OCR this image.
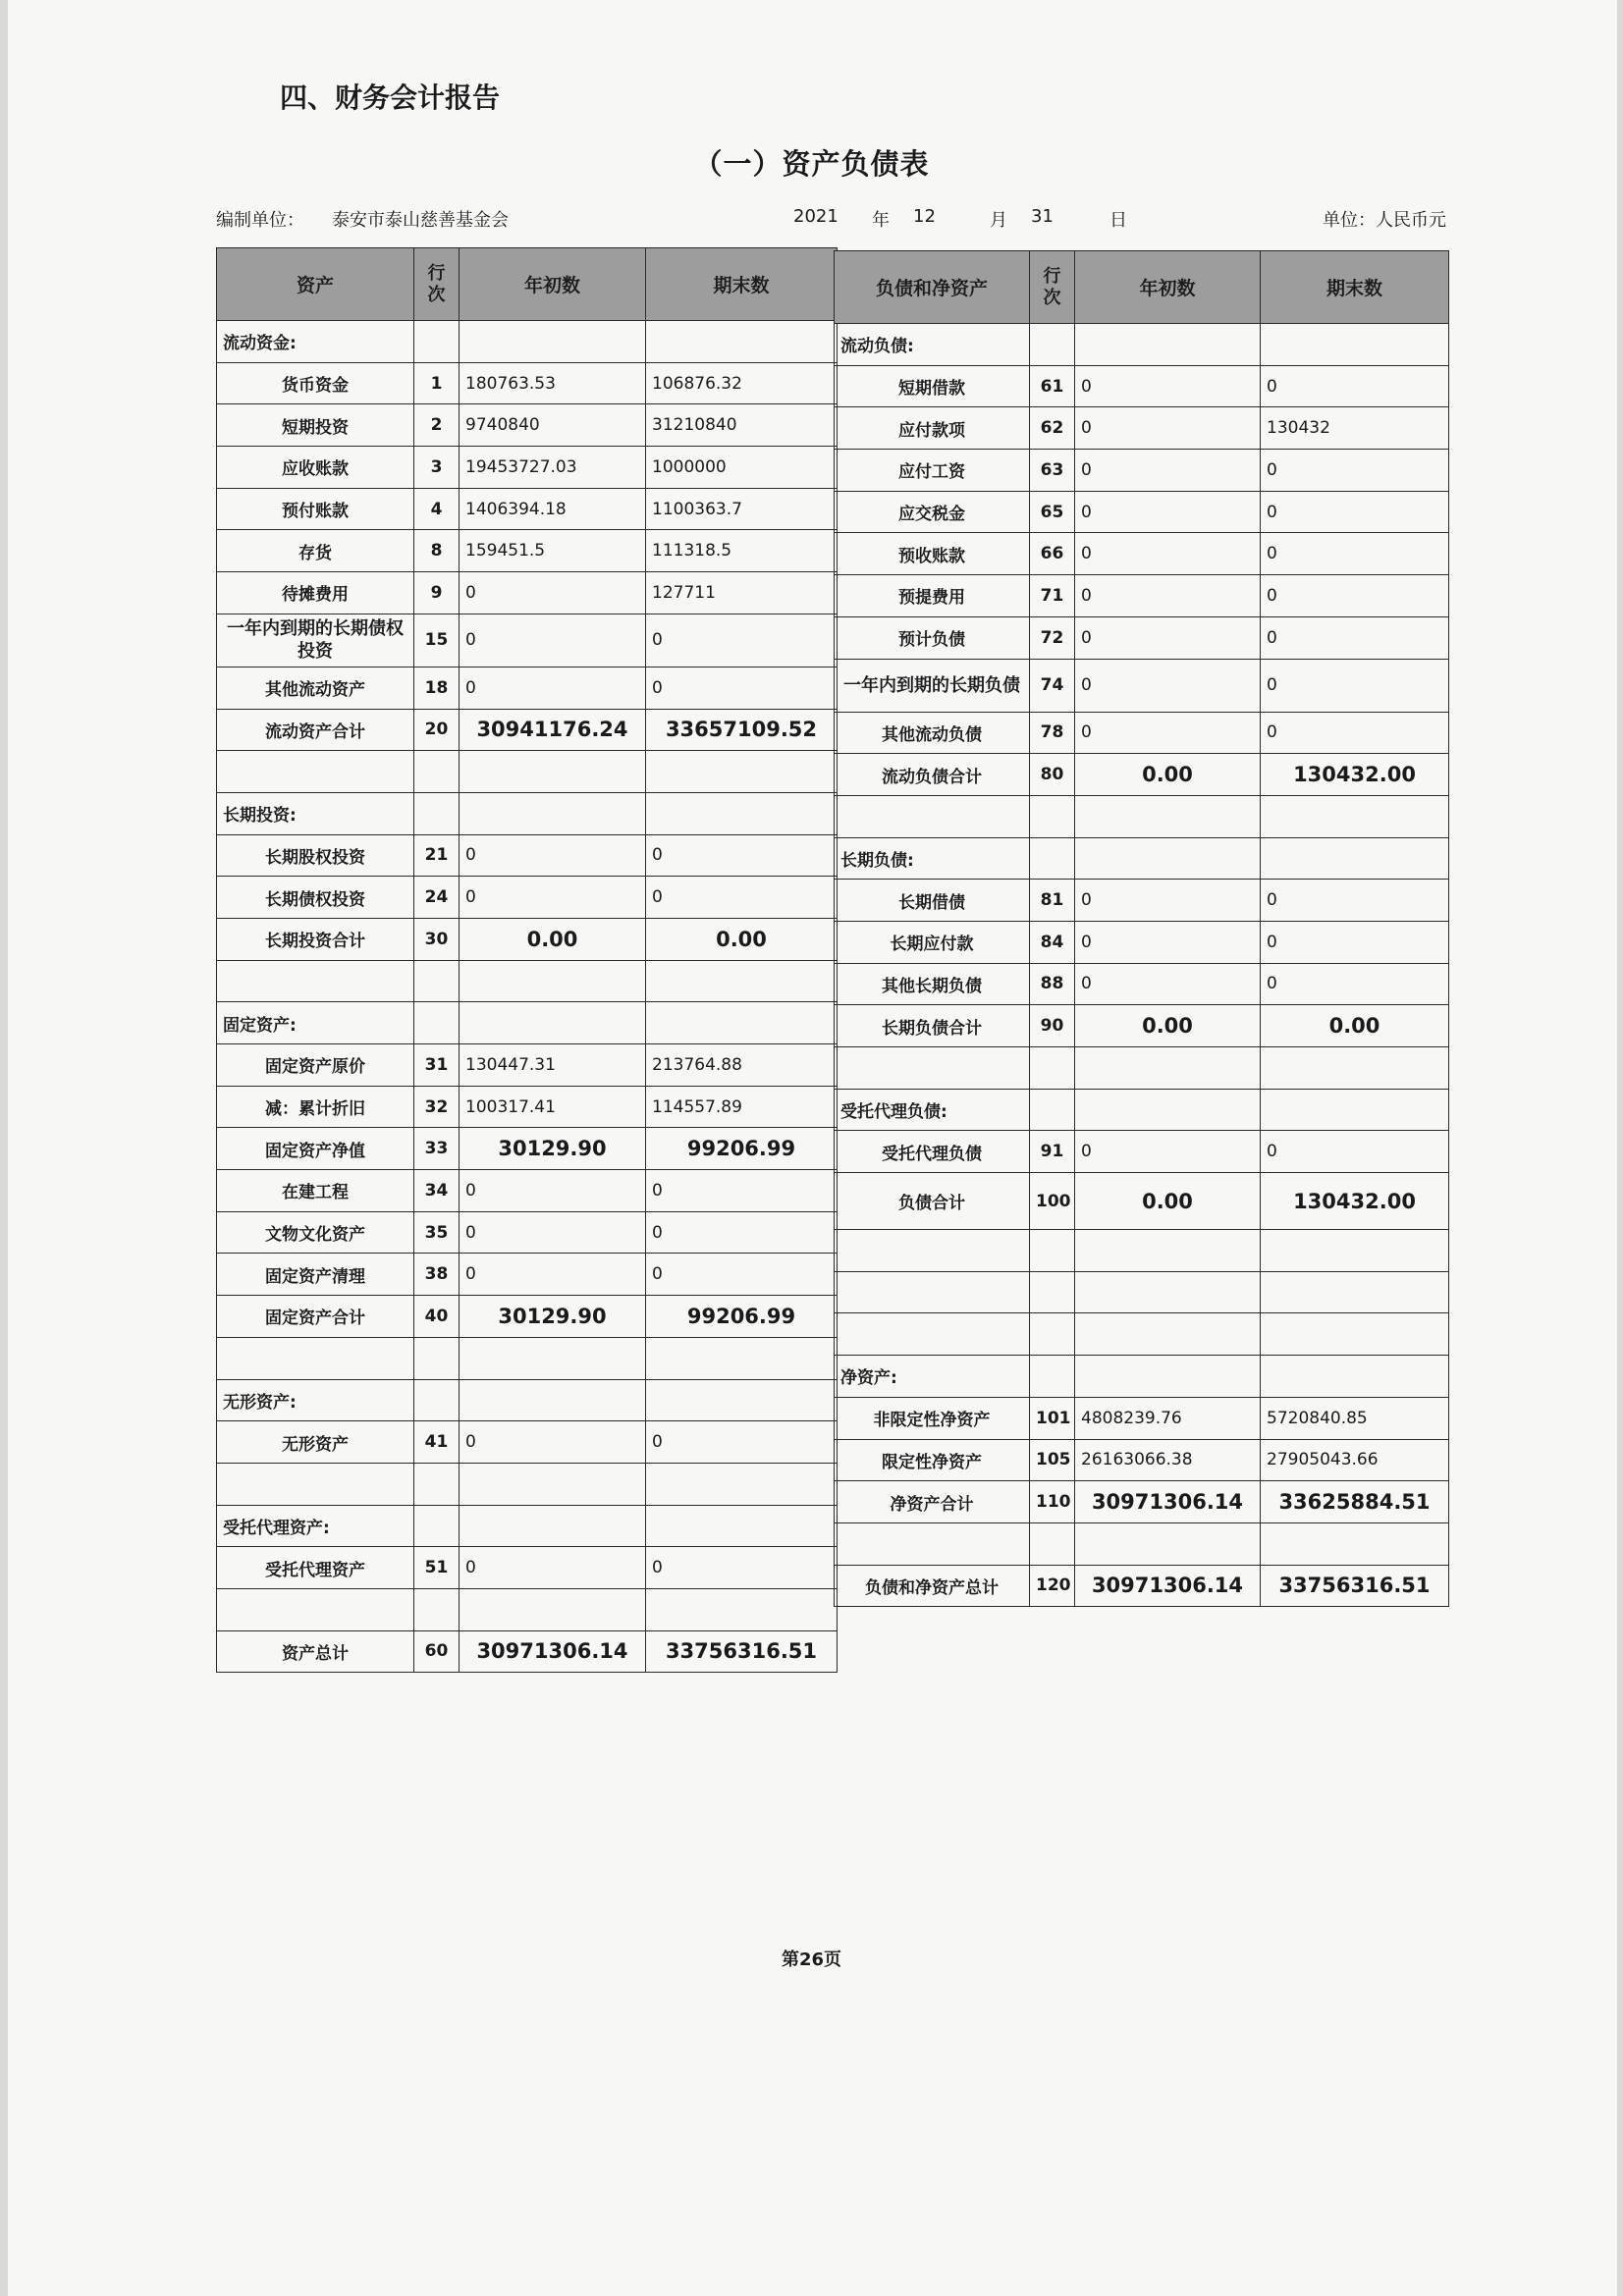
四、财务会计报告
（一）资产负债表
编制单位： 泰安市泰山慈善基金会	2021 年 12	月 31	日	单位：人民币元
资产	行
次	年初数	期末数
流动资金:			
货币资金	1	180763.53	106876.32
短期投资	2	9740840	31210840
应收账款	3	19453727.03	1000000
预付账款	4	1406394.18	1100363.7
存货	8	159451.5	111318.5
待摊费用	9	0	127711
一年内到期的长期债权投资	15	0	0
其他流动资产	18	0	0
流动资产合计	20	30941176.24	33657109.52

长期投资:			
长期股权投资	21	0	0
长期债权投资	24	0	0
长期投资合计	30	0.00	0.00

固定资产:			
固定资产原价	31	130447.31	213764.88
减：累计折旧	32	100317.41	114557.89
固定资产净值	33	30129.90	99206.99
在建工程	34	0	0
文物文化资产	35	0	0
固定资产清理	38	0	0
固定资产合计	40	30129.90	99206.99

无形资产:			
无形资产	41	0	0

受托代理资产:			
受托代理资产	51	0	0

资产总计	60	30971306.14	33756316.51
负债和净资产	行
次	年初数	期末数
流动负债:			
短期借款	61	0	0
应付款项	62	0	130432
应付工资	63	0	0
应交税金	65	0	0
预收账款	66	0	0
预提费用	71	0	0
预计负债	72	0	0
一年内到期的长期负债	74	0	0
其他流动负债	78	0	0
流动负债合计	80	0.00	130432.00

长期负债:			
长期借债	81	0	0
长期应付款	84	0	0
其他长期负债	88	0	0
长期负债合计	90	0.00	0.00

受托代理负债:			
受托代理负债	91	0	0
负债合计	100	0.00	130432.00

净资产:			
非限定性净资产	101	4808239.76	5720840.85
限定性净资产	105	26163066.38	27905043.66
净资产合计	110	30971306.14	33625884.51

负债和净资产总计	120	30971306.14	33756316.51
第26页
